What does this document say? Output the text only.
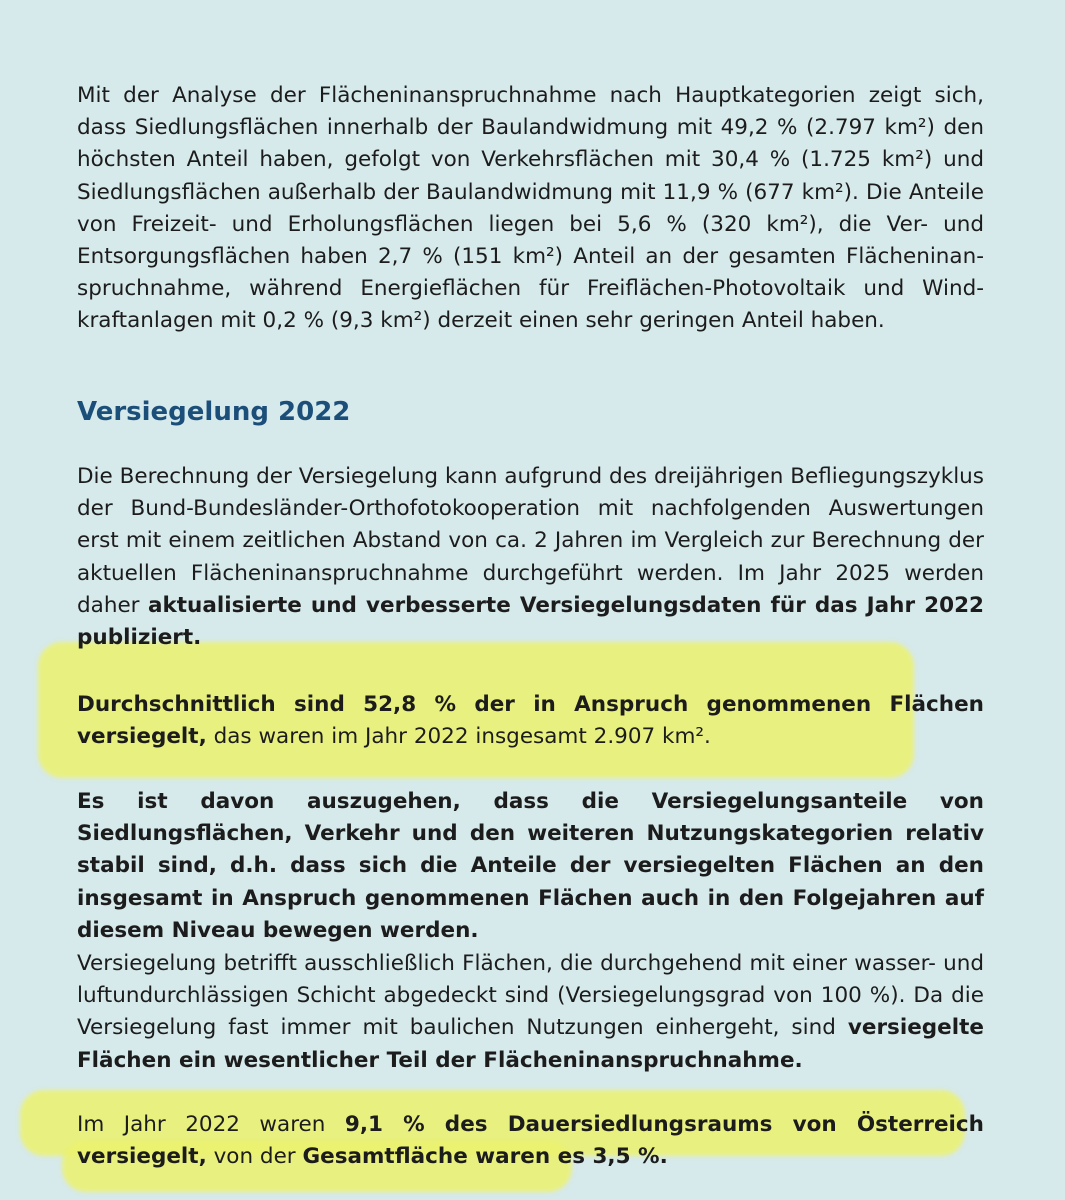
Mit der Analyse der Flächeninanspruchnahme nach Hauptkategorien zeigt sich, dass Siedlungsflächen innerhalb der Baulandwidmung mit 49,2 % (2.797 km²) den höchsten Anteil haben, gefolgt von Verkehrsflächen mit 30,4 % (1.725 km²) und Siedlungsflächen außerhalb der Baulandwidmung mit 11,9 % (677 km²). Die Anteile von Freizeit- und Erholungsflächen liegen bei 5,6 % (320 km²), die Ver- und Entsorgungsflächen haben 2,7 % (151 km²) Anteil an der gesamten Flächeninanspruchnahme, während Energieflächen für Freiflächen-Photovoltaik und Windkraftanlagen mit 0,2 % (9,3 km²) derzeit einen sehr geringen Anteil haben.

Versiegelung 2022

Die Berechnung der Versiegelung kann aufgrund des dreijährigen Befliegungszyklus der Bund-Bundesländer-Orthofotokooperation mit nachfolgenden Auswertungen erst mit einem zeitlichen Abstand von ca. 2 Jahren im Vergleich zur Berechnung der aktuellen Flächeninanspruchnahme durchgeführt werden. Im Jahr 2025 werden daher aktualisierte und verbesserte Versiegelungsdaten für das Jahr 2022 publiziert.

Durchschnittlich sind 52,8 % der in Anspruch genommenen Flächen versiegelt, das waren im Jahr 2022 insgesamt 2.907 km².

Es ist davon auszugehen, dass die Versiegelungsanteile von Siedlungsflächen, Verkehr und den weiteren Nutzungskategorien relativ stabil sind, d.h. dass sich die Anteile der versiegelten Flächen an den insgesamt in Anspruch genommenen Flächen auch in den Folgejahren auf diesem Niveau bewegen werden.

Versiegelung betrifft ausschließlich Flächen, die durchgehend mit einer wasser- und luftundurchlässigen Schicht abgedeckt sind (Versiegelungsgrad von 100 %). Da die Versiegelung fast immer mit baulichen Nutzungen einhergeht, sind versiegelte Flächen ein wesentlicher Teil der Flächeninanspruchnahme.

Im Jahr 2022 waren 9,1 % des Dauersiedlungsraums von Österreich versiegelt, von der Gesamtfläche waren es 3,5 %.
